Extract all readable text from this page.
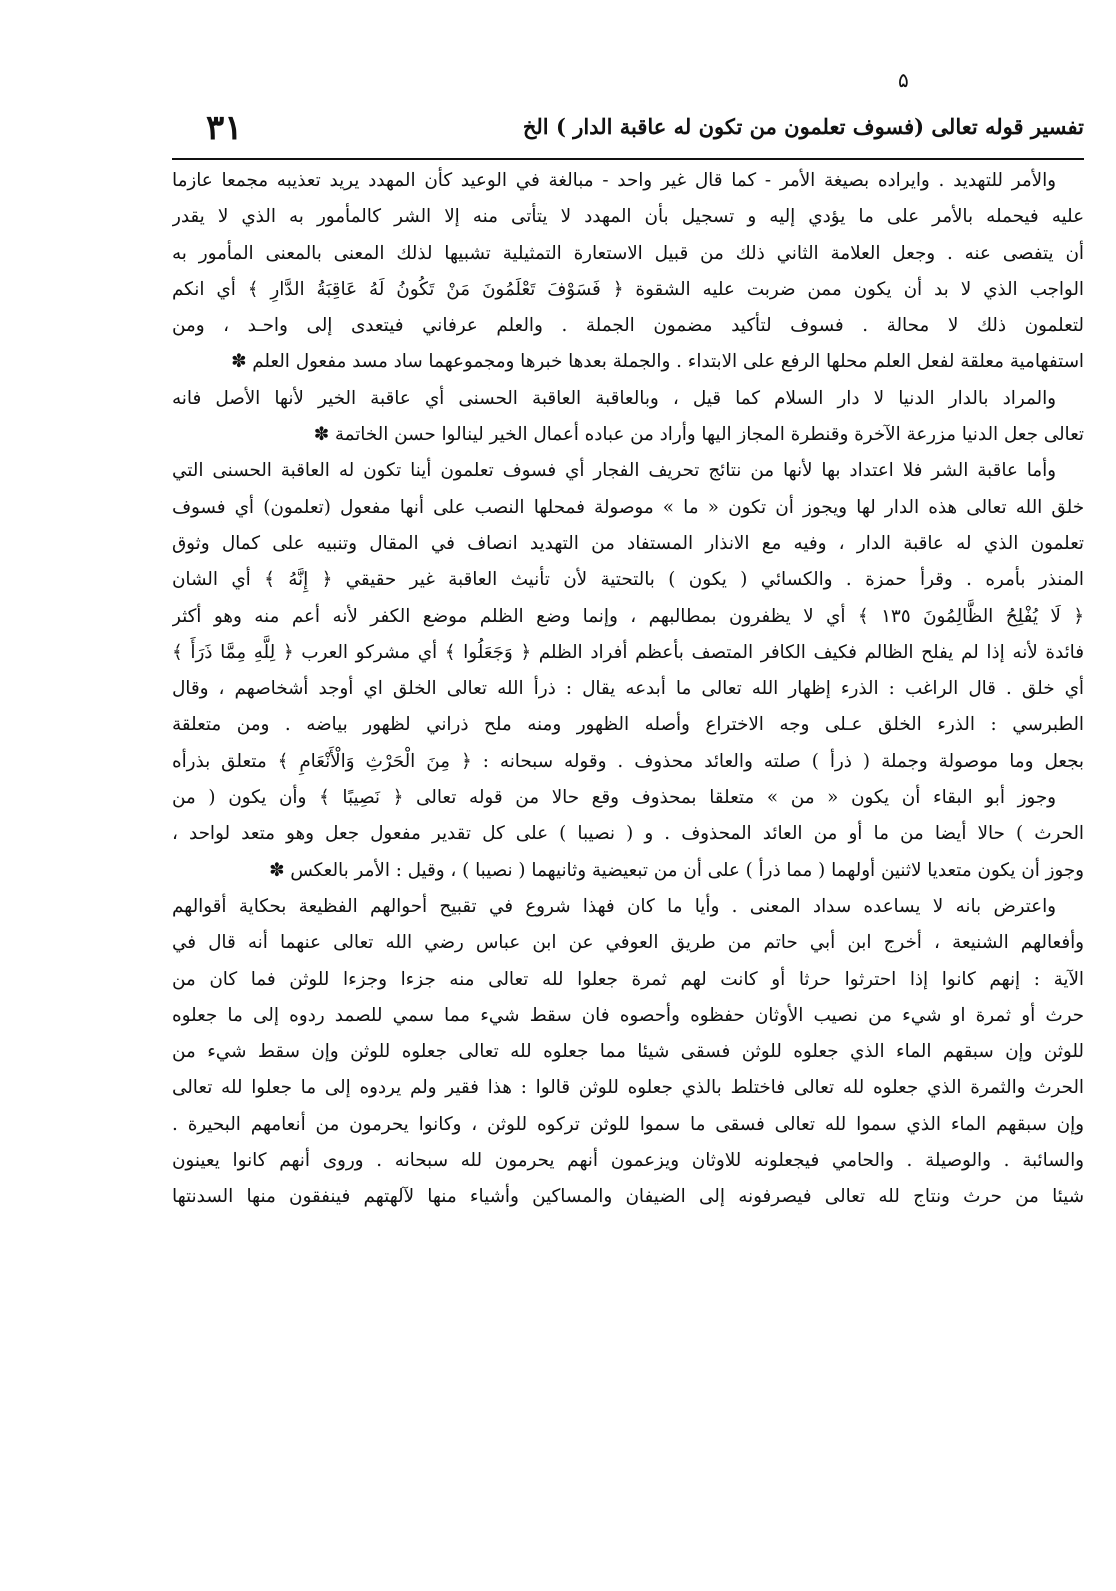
۵
تفسير قوله تعالى (فسوف تعلمون من تكون له عاقبة الدار ) الخ
٣١
والأمر للتهديد . وايراده بصيغة الأمر - كما قال غير واحد - مبالغة في الوعيد كأن المهدد يريد تعذيبه مجمعا عازما
عليه فيحمله بالأمر على ما يؤدي إليه و تسجيل بأن المهدد لا يتأتى منه إلا الشر كالمأمور به الذي لا يقدر
أن يتفصى عنه . وجعل العلامة الثاني ذلك من قبيل الاستعارة التمثيلية تشبيها لذلك المعنى بالمعنى المأمور به
الواجب الذي لا بد أن يكون ممن ضربت عليه الشقوة ﴿ فَسَوْفَ تَعْلَمُونَ مَنْ تَكُونُ لَهُ عَاقِبَةُ الدَّارِ ﴾ أي انكم
لتعلمون ذلك لا محالة . فسوف لتأكيد مضمون الجملة . والعلم عرفاني فيتعدى إلى واحـد ، ومن
استفهامية معلقة لفعل العلم محلها الرفع على الابتداء . والجملة بعدها خبرها ومجموعهما ساد مسد مفعول العلم ✽
والمراد بالدار الدنيا لا دار السلام كما قيل ، وبالعاقبة العاقبة الحسنى أي عاقبة الخير لأنها الأصل فانه
تعالى جعل الدنيا مزرعة الآخرة وقنطرة المجاز اليها وأراد من عباده أعمال الخير لينالوا حسن الخاتمة ✽
وأما عاقبة الشر فلا اعتداد بها لأنها من نتائج تحريف الفجار أي فسوف تعلمون أينا تكون له العاقبة الحسنى التي
خلق الله تعالى هذه الدار لها ويجوز أن تكون « ما » موصولة فمحلها النصب على أنها مفعول (تعلمون) أي فسوف
تعلمون الذي له عاقبة الدار ، وفيه مع الانذار المستفاد من التهديد انصاف في المقال وتنبيه على كمال وثوق
المنذر بأمره . وقرأ حمزة . والكسائي ( يكون ) بالتحتية لأن تأنيث العاقبة غير حقيقي ﴿ إِنَّهُ ﴾ أي الشان
﴿ لَا يُفْلِحُ الظَّالِمُونَ ١٣٥ ﴾ أي لا يظفرون بمطالبهم ، وإنما وضع الظلم موضع الكفر لأنه أعم منه وهو أكثر
فائدة لأنه إذا لم يفلح الظالم فكيف الكافر المتصف بأعظم أفراد الظلم ﴿ وَجَعَلُوا ﴾ أي مشركو العرب ﴿ لِلَّهِ مِمَّا ذَرَأَ ﴾
أي خلق . قال الراغب : الذرء إظهار الله تعالى ما أبدعه يقال : ذرأ الله تعالى الخلق اي أوجد أشخاصهم ، وقال
الطبرسي : الذرء الخلق عـلى وجه الاختراع وأصله الظهور ومنه ملح ذراني لظهور بياضه . ومن متعلقة
بجعل وما موصولة وجملة ( ذرأ ) صلته والعائد محذوف . وقوله سبحانه : ﴿ مِنَ الْحَرْثِ وَالْأَنْعَامِ ﴾ متعلق بذرأه
وجوز أبو البقاء أن يكون « من » متعلقا بمحذوف وقع حالا من قوله تعالى ﴿ نَصِيبًا ﴾ وأن يكون ( من
الحرث ) حالا أيضا من ما أو من العائد المحذوف . و ( نصيبا ) على كل تقدير مفعول جعل وهو متعد لواحد ،
وجوز أن يكون متعديا لاثنين أولهما ( مما ذرأ ) على أن من تبعيضية وثانيهما ( نصيبا ) ، وقيل : الأمر بالعكس ✽
واعترض بانه لا يساعده سداد المعنى . وأيا ما كان فهذا شروع في تقبيح أحوالهم الفظيعة بحكاية أقوالهم
وأفعالهم الشنيعة ، أخرج ابن أبي حاتم من طريق العوفي عن ابن عباس رضي الله تعالى عنهما أنه قال في
الآية : إنهم كانوا إذا احترثوا حرثا أو كانت لهم ثمرة جعلوا لله تعالى منه جزءا وجزءا للوثن فما كان من
حرث أو ثمرة او شيء من نصيب الأوثان حفظوه وأحصوه فان سقط شيء مما سمي للصمد ردوه إلى ما جعلوه
للوثن وإن سبقهم الماء الذي جعلوه للوثن فسقى شيئا مما جعلوه لله تعالى جعلوه للوثن وإن سقط شيء من
الحرث والثمرة الذي جعلوه لله تعالى فاختلط بالذي جعلوه للوثن قالوا : هذا فقير ولم يردوه إلى ما جعلوا لله تعالى
وإن سبقهم الماء الذي سموا لله تعالى فسقى ما سموا للوثن تركوه للوثن ، وكانوا يحرمون من أنعامهم البحيرة .
والسائبة . والوصيلة . والحامي فيجعلونه للاوثان ويزعمون أنهم يحرمون لله سبحانه . وروى أنهم كانوا يعينون
شيئا من حرث ونتاج لله تعالى فيصرفونه إلى الضيفان والمساكين وأشياء منها لآلهتهم فينفقون منها السدنتها
